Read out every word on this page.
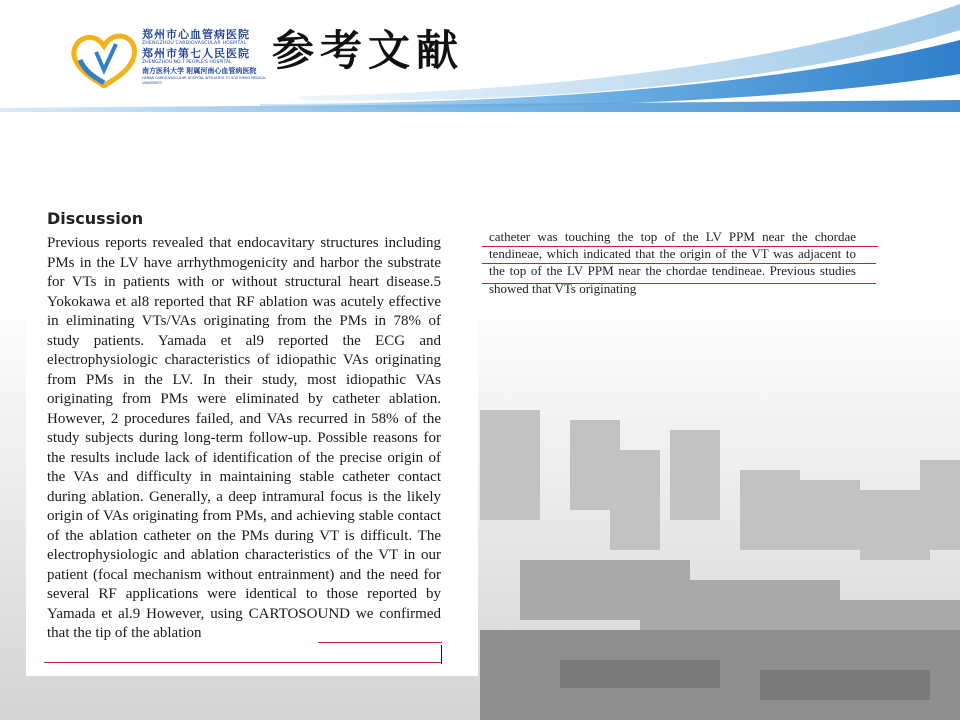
郑州市心血管病医院
ZHENGZHOU CARDIOVASCULAR HOSPITAL
郑州市第七人民医院
ZHENGZHOU NO.7 PEOPLE'S HOSPITAL
南方医科大学 附属河南心血管病医院
HENAN CARDIOVASCULAR HOSPITAL AFFILIATED TO SOUTHERN MEDICAL UNIVERSITY
参考文献
Discussion
Previous reports revealed that endocavitary structures including PMs in the LV have arrhythmogenicity and harbor the substrate for VTs in patients with or without structural heart disease.5 Yokokawa et al8 reported that RF ablation was acutely effective in eliminating VTs/VAs originating from the PMs in 78% of study patients. Yamada et al9 reported the ECG and electrophysiologic characteristics of idiopathic VAs originating from PMs in the LV. In their study, most idiopathic VAs originating from PMs were eliminated by catheter ablation. However, 2 procedures failed, and VAs recurred in 58% of the study subjects during long-term follow-up. Possible reasons for the results include lack of identification of the precise origin of the VAs and difficulty in maintaining stable catheter contact during ablation. Generally, a deep intramural focus is the likely origin of VAs originating from PMs, and achieving stable contact of the ablation catheter on the PMs during VT is difficult. The electrophysiologic and ablation characteristics of the VT in our patient (focal mechanism without entrainment) and the need for several RF applications were identical to those reported by Yamada et al.9 However, using CARTOSOUND we confirmed that the tip of the ablation
catheter was touching the top of the LV PPM near the chordae tendineae, which indicated that the origin of the VT was adjacent to the top of the LV PPM near the chordae tendineae. Previous studies showed that VTs originating
